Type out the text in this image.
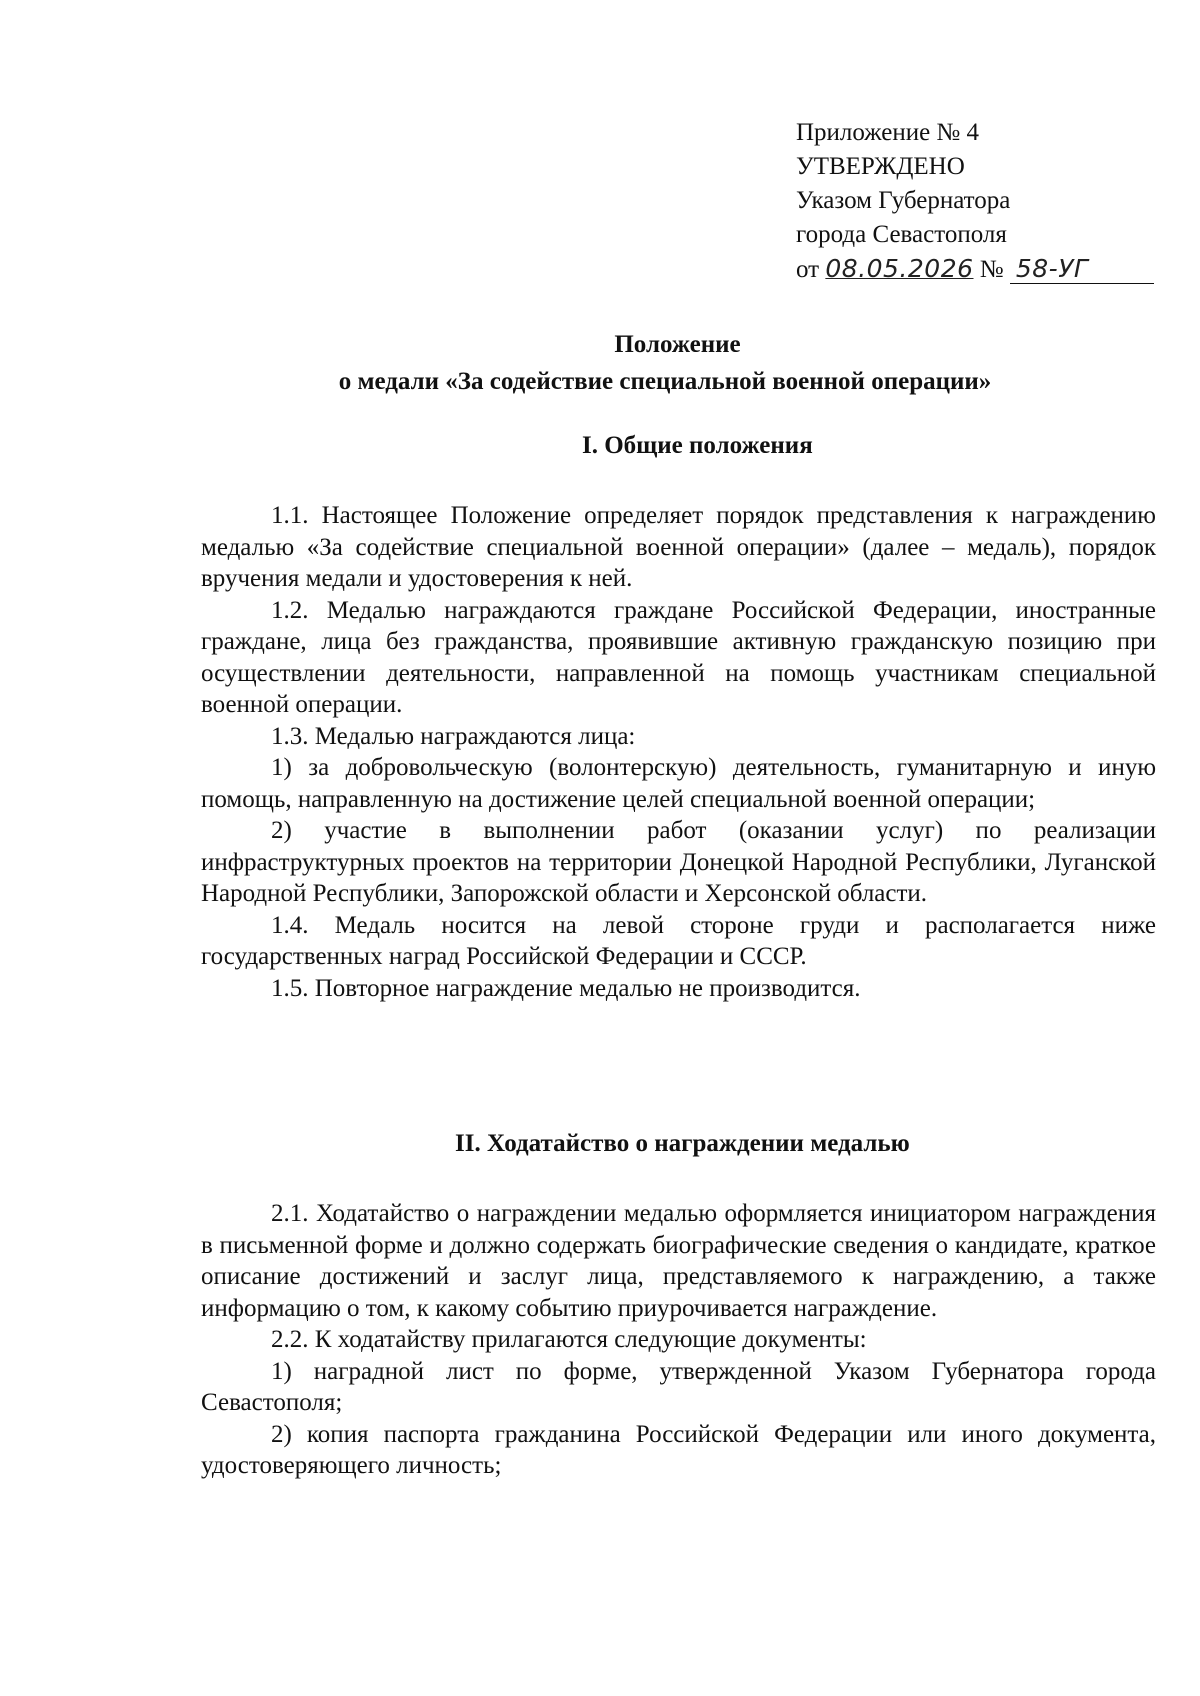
Приложение № 4
УТВЕРЖДЕНО
Указом Губернатора
города Севастополя
от 08.05.2026 № 58-УГ
Положение
о медали «За содействие специальной военной операции»
I. Общие положения

1.1. Настоящее Положение определяет порядок представления к награждению медалью «За содействие специальной военной операции» (далее – медаль), порядок вручения медали и удостоверения к ней.

1.2. Медалью награждаются граждане Российской Федерации, иностранные граждане, лица без гражданства, проявившие активную гражданскую позицию при осуществлении деятельности, направленной на помощь участникам специальной военной операции.

1.3. Медалью награждаются лица:

1) за добровольческую (волонтерскую) деятельность, гуманитарную и иную помощь, направленную на достижение целей специальной военной операции;

2) участие в выполнении работ (оказании услуг) по реализации инфраструктурных проектов на территории Донецкой Народной Республики, Луганской Народной Республики, Запорожской области и Херсонской области.

1.4. Медаль носится на левой стороне груди и располагается ниже государственных наград Российской Федерации и СССР.

1.5. Повторное награждение медалью не производится.

II. Ходатайство о награждении медалью

2.1. Ходатайство о награждении медалью оформляется инициатором награждения в письменной форме и должно содержать биографические сведения о кандидате, краткое описание достижений и заслуг лица, представляемого к награждению, а также информацию о том, к какому событию приурочивается награждение.

2.2. К ходатайству прилагаются следующие документы:

1) наградной лист по форме, утвержденной Указом Губернатора города Севастополя;

2) копия паспорта гражданина Российской Федерации или иного документа, удостоверяющего личность;
